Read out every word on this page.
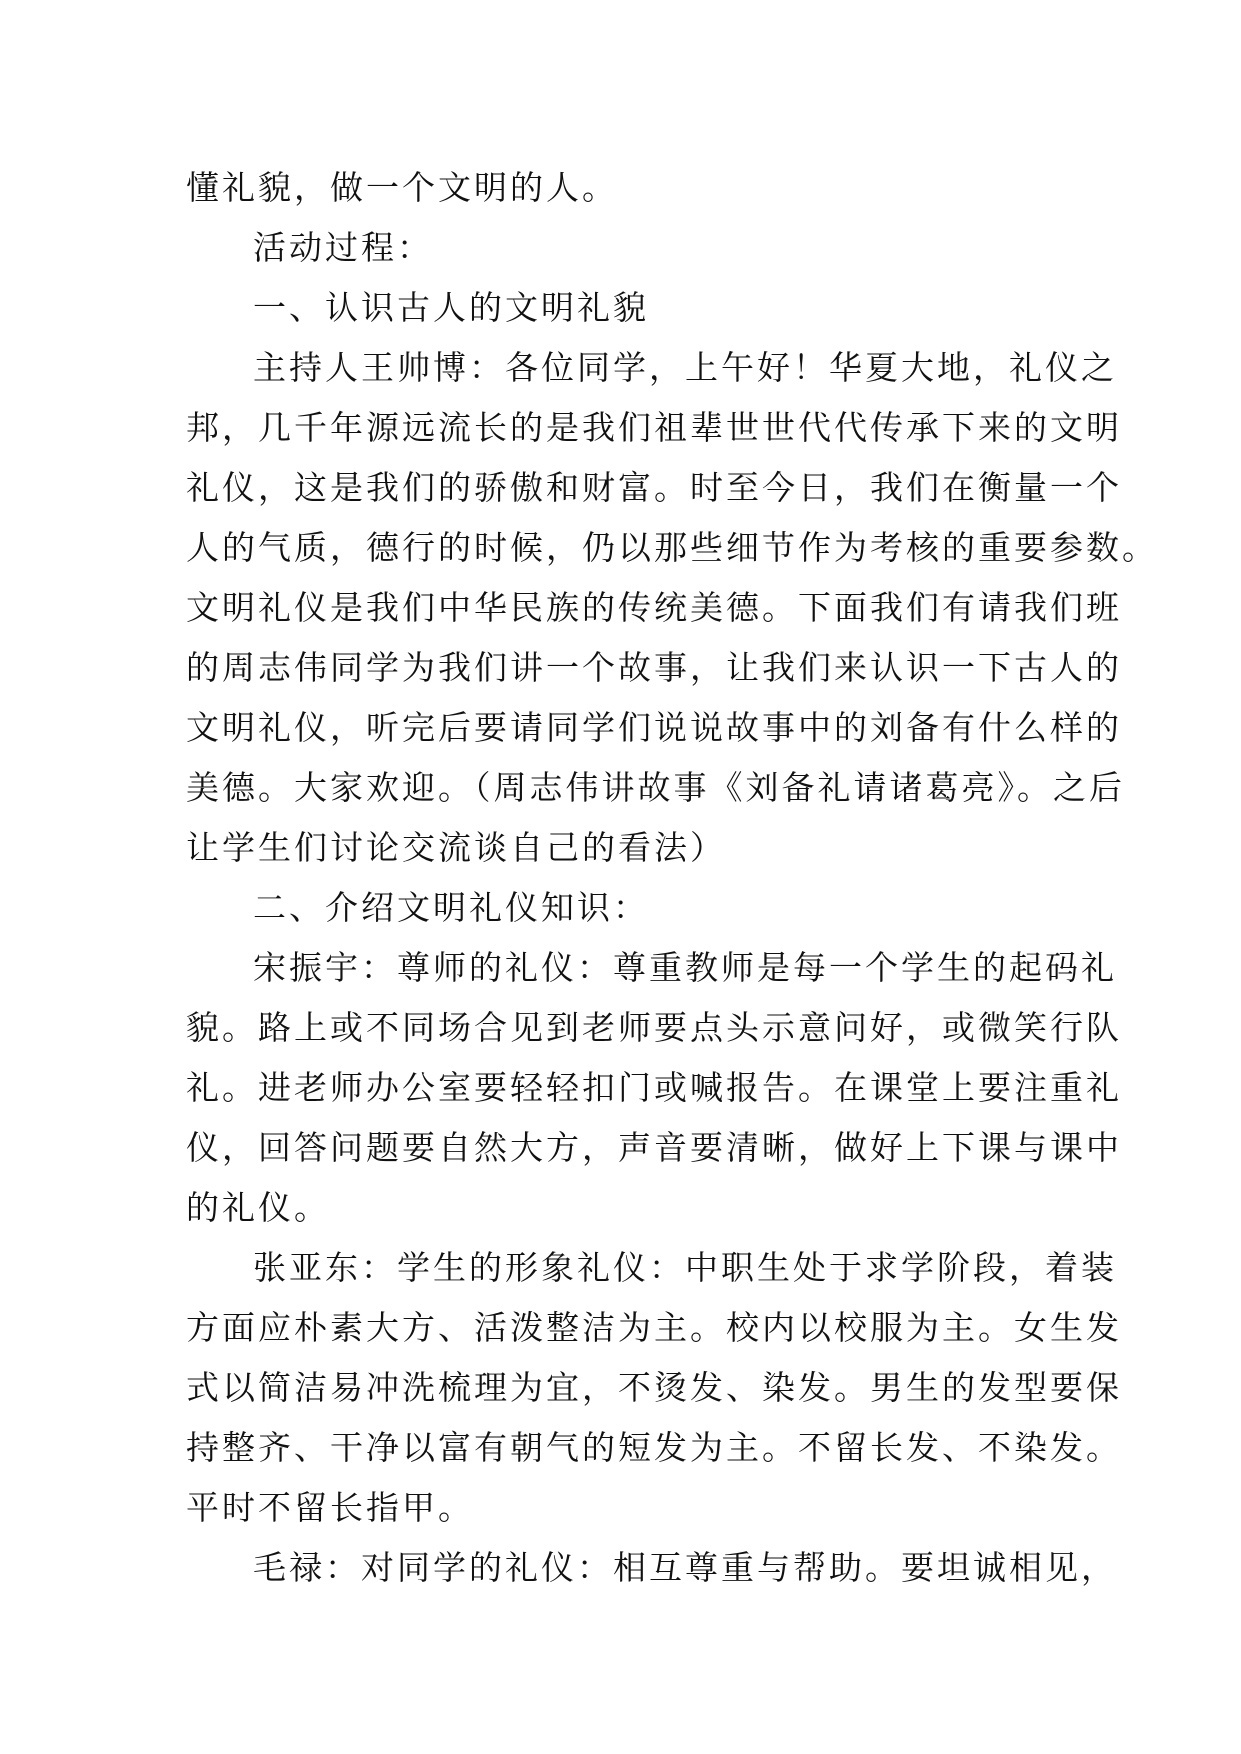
懂礼貌，做一个文明的人。
活动过程：
一、认识古人的文明礼貌
主持人王帅博：各位同学，上午好！华夏大地，礼仪之
邦，几千年源远流长的是我们祖辈世世代代传承下来的文明
礼仪，这是我们的骄傲和财富。时至今日，我们在衡量一个
人的气质，德行的时候，仍以那些细节作为考核的重要参数。
文明礼仪是我们中华民族的传统美德。下面我们有请我们班
的周志伟同学为我们讲一个故事，让我们来认识一下古人的
文明礼仪，听完后要请同学们说说故事中的刘备有什么样的
美德。大家欢迎。（周志伟讲故事《刘备礼请诸葛亮》。之后
让学生们讨论交流谈自己的看法）
二、介绍文明礼仪知识：
宋振宇：尊师的礼仪：尊重教师是每一个学生的起码礼
貌。路上或不同场合见到老师要点头示意问好，或微笑行队
礼。进老师办公室要轻轻扣门或喊报告。在课堂上要注重礼
仪，回答问题要自然大方，声音要清晰，做好上下课与课中
的礼仪。
张亚东：学生的形象礼仪：中职生处于求学阶段，着装
方面应朴素大方、活泼整洁为主。校内以校服为主。女生发
式以简洁易冲洗梳理为宜，不烫发、染发。男生的发型要保
持整齐、干净以富有朝气的短发为主。不留长发、不染发。
平时不留长指甲。
毛禄：对同学的礼仪：相互尊重与帮助。要坦诚相见，
